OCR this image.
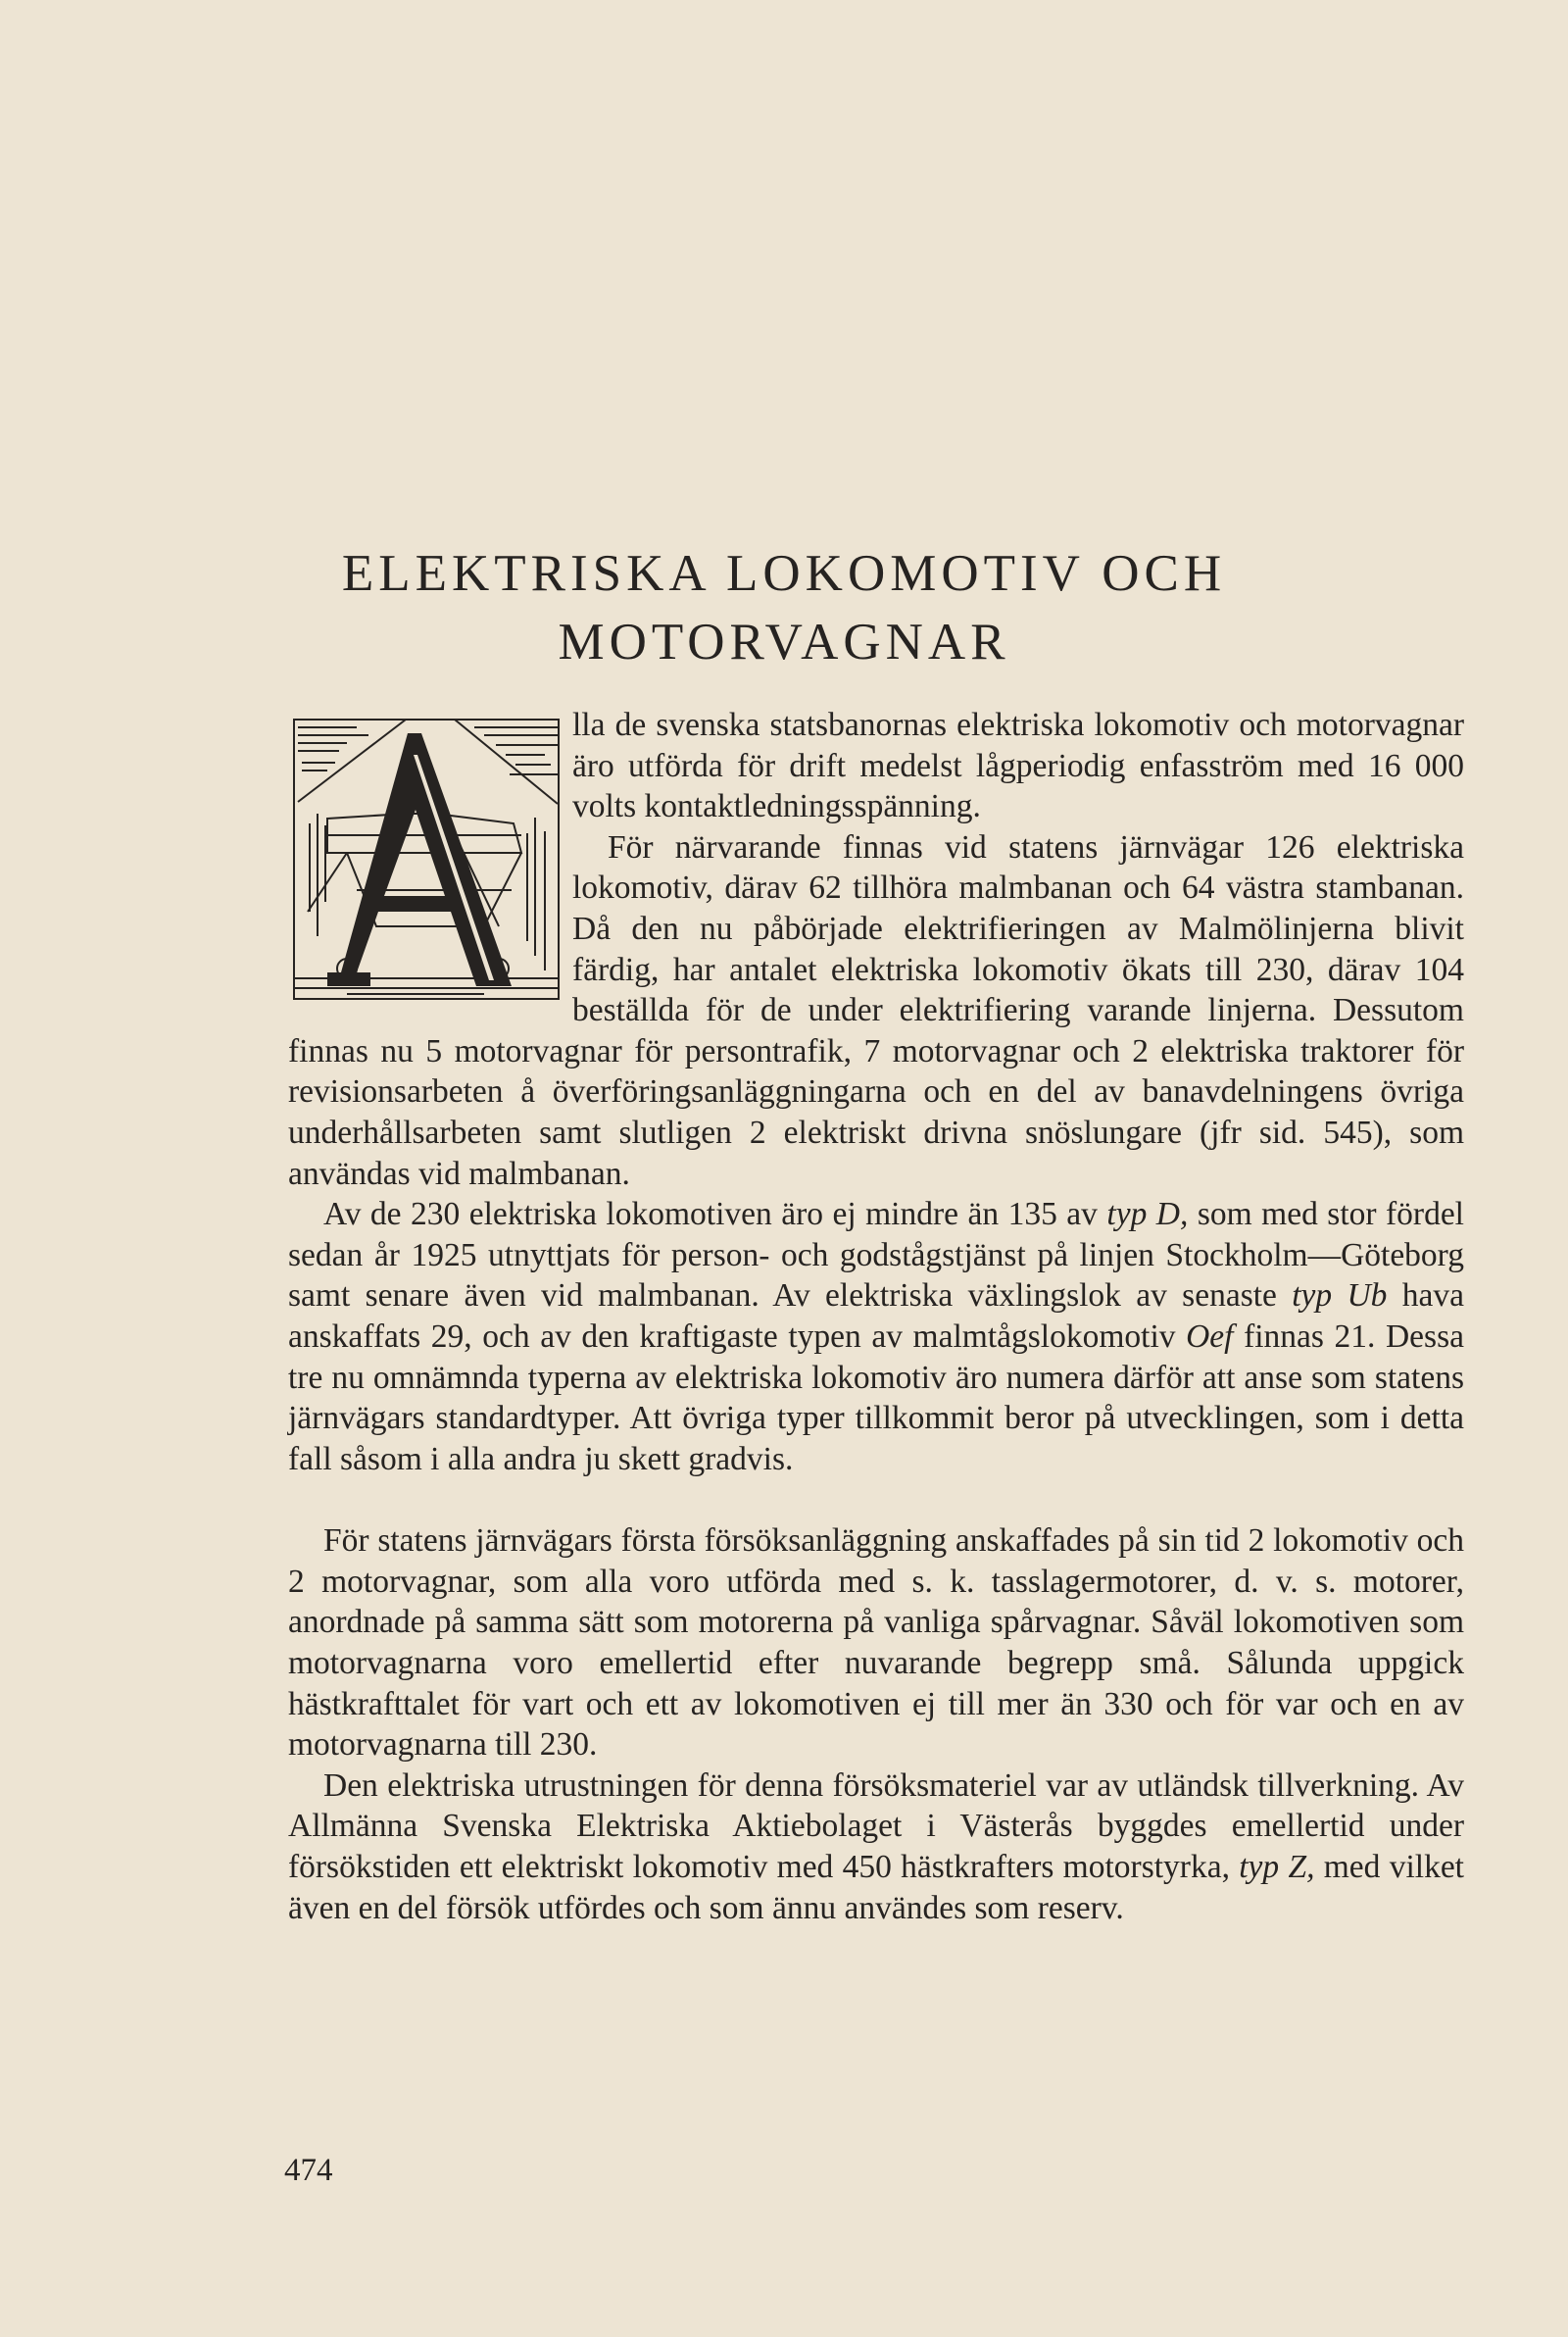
ELEKTRISKA LOKOMOTIV OCH
MOTORVAGNAR

lla de svenska statsbanornas elektriska lokomotiv och motorvagnar äro utförda för drift medelst lågperiodig enfasström med 16 000 volts kontaktledningsspänning.

För närvarande finnas vid statens järnvägar 126 elektriska lokomotiv, därav 62 tillhöra malmbanan och 64 västra stambanan. Då den nu påbörjade elektrifieringen av Malmölinjerna blivit färdig, har antalet elektriska lokomotiv ökats till 230, därav 104 beställda för de under elektrifiering varande linjerna. Dessutom finnas nu 5 motorvagnar för persontrafik, 7 motorvagnar och 2 elektriska traktorer för revisionsarbeten å överföringsanläggningarna och en del av banavdelningens övriga underhållsarbeten samt slutligen 2 elektriskt drivna snöslungare (jfr sid. 545), som användas vid malmbanan.

Av de 230 elektriska lokomotiven äro ej mindre än 135 av typ D, som med stor fördel sedan år 1925 utnyttjats för person- och godstågstjänst på linjen Stockholm—Göteborg samt senare även vid malmbanan. Av elektriska växlingslok av senaste typ Ub hava anskaffats 29, och av den kraftigaste typen av malmtågslokomotiv Oef finnas 21. Dessa tre nu omnämnda typerna av elektriska lokomotiv äro numera därför att anse som statens järnvägars standardtyper. Att övriga typer tillkommit beror på utvecklingen, som i detta fall såsom i alla andra ju skett gradvis.

För statens järnvägars första försöksanläggning anskaffades på sin tid 2 lokomotiv och 2 motorvagnar, som alla voro utförda med s. k. tasslagermotorer, d. v. s. motorer, anordnade på samma sätt som motorerna på vanliga spårvagnar. Såväl lokomotiven som motorvagnarna voro emellertid efter nuvarande begrepp små. Sålunda uppgick hästkrafttalet för vart och ett av lokomotiven ej till mer än 330 och för var och en av motorvagnarna till 230.

Den elektriska utrustningen för denna försöksmateriel var av utländsk tillverkning. Av Allmänna Svenska Elektriska Aktiebolaget i Västerås byggdes emellertid under försökstiden ett elektriskt lokomotiv med 450 hästkrafters motorstyrka, typ Z, med vilket även en del försök utfördes och som ännu användes som reserv.

474
